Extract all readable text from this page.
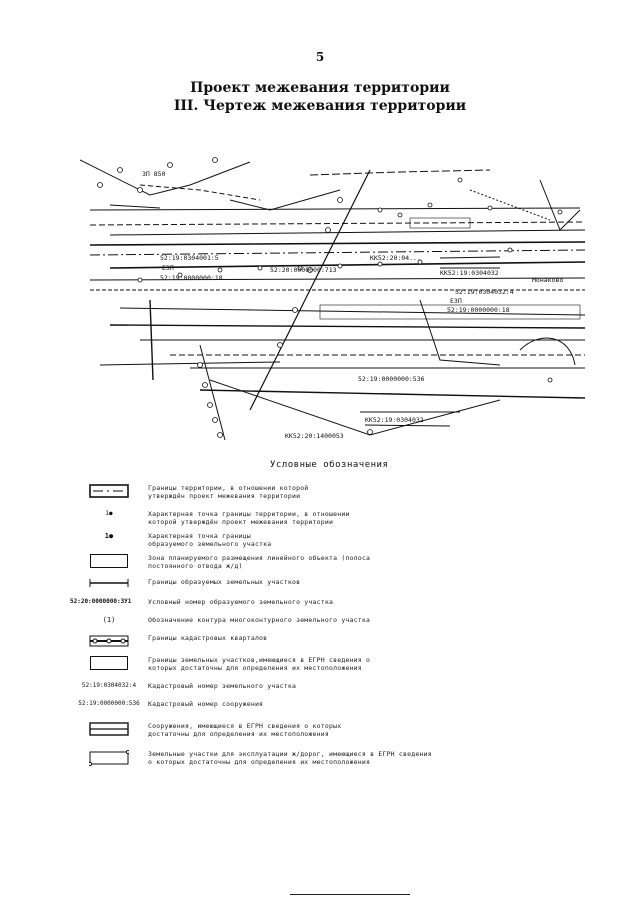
5
Проект межевания территории
III. Чертеж межевания территории
ЗП 850
52:19:0304001:5
ЕЗП
52:19:0000000:18
52:20:0000000:713
КК52:20:04...
КК52:19:0304032
Монаково
52:19:0304032:4
ЕЗП
52:19:0000000:18
52:19:0000000:536
КК52:19:0304032
КК52:20:1400053
Условные обозначения
Границы территории, в отношении которой утверждён проект межевания территории
1●	Характерная точка границы территории, в отношении которой утверждён проект межевания территории
1●	Характерная точка границы образуемого земельного участка
Зона планируемого размещения линейного объекта (полоса постоянного отвода ж/д)
Границы образуемых земельных участков
52:20:0000000:ЗУ1	Условный номер образуемого земельного участка
(1)	Обозначение контура многоконтурного земельного участка
Границы кадастровых кварталов
Границы земельных участков,имеющиеся в ЕГРН сведения о которых достаточны для определения их местоположения
52:19:0304032:4 Кадастровый номер земельного участка
52:19:0000000:536 Кадастровый номер сооружения
Сооружения, имеющиеся в ЕГРН сведения о которых достаточны для определения их местоположения
Земельные участки для эксплуатации ж/дорог, имеющиеся в ЕГРН сведения о которых достаточны для определения их местоположения
